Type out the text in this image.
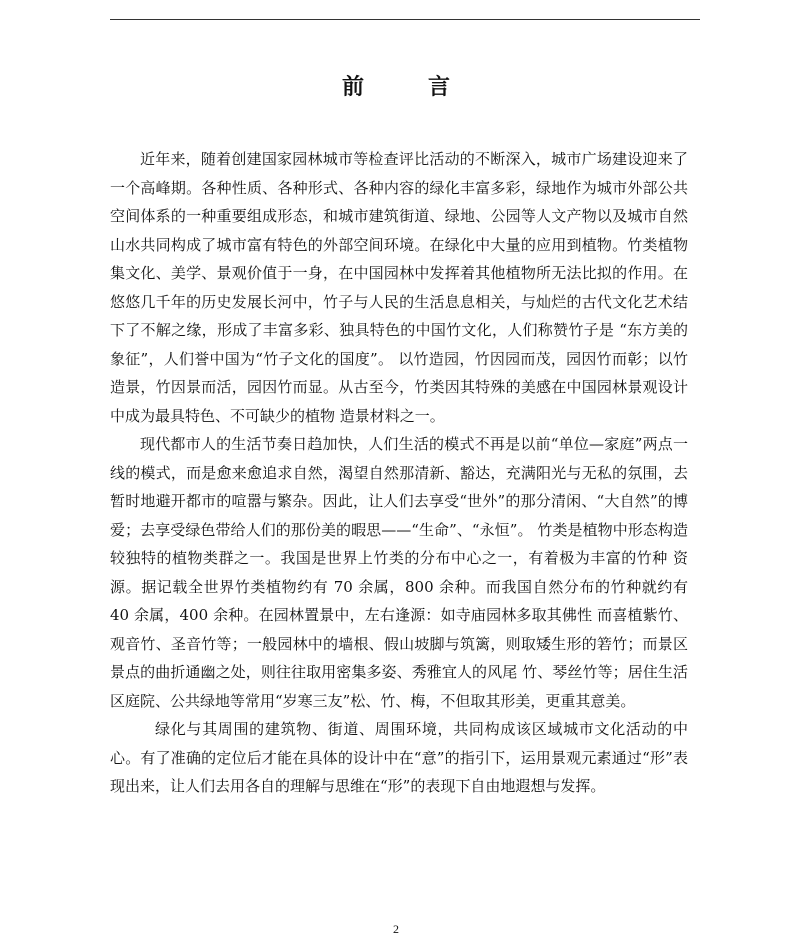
前	言

近年来，随着创建国家园林城市等检查评比活动的不断深入，城市广场建设迎来了一个高峰期。各种性质、各种形式、各种内容的绿化丰富多彩，绿地作为城市外部公共空间体系的一种重要组成形态，和城市建筑街道、绿地、公园等人文产物以及城市自然山水共同构成了城市富有特色的外部空间环境。在绿化中大量的应用到植物。竹类植物集文化、美学、景观价值于一身，在中国园林中发挥着其他植物所无法比拟的作用。在悠悠几千年的历史发展长河中，竹子与人民的生活息息相关，与灿烂的古代文化艺术结下了不解之缘，形成了丰富多彩、独具特色的中国竹文化，人们称赞竹子是 “东方美的象征”，人们誉中国为“竹子文化的国度”。 以竹造园，竹因园而茂，园因竹而彰；以竹造景，竹因景而活，园因竹而显。从古至今，竹类因其特殊的美感在中国园林景观设计中成为最具特色、不可缺少的植物 造景材料之一。

现代都市人的生活节奏日趋加快，人们生活的模式不再是以前“单位—家庭”两点一线的模式，而是愈来愈追求自然，渴望自然那清新、豁达，充满阳光与无私的氛围，去暂时地避开都市的喧嚣与繁杂。因此，让人们去享受“世外”的那分清闲、“大自然”的博爱；去享受绿色带给人们的那份美的暇思——“生命”、“永恒”。 竹类是植物中形态构造较独特的植物类群之一。我国是世界上竹类的分布中心之一，有着极为丰富的竹种 资源。据记载全世界竹类植物约有 70 余属，800 余种。而我国自然分布的竹种就约有 40 余属，400 余种。在园林置景中，左右逢源：如寺庙园林多取其佛性 而喜植紫竹、观音竹、圣音竹等；一般园林中的墙根、假山坡脚与筑篱，则取矮生形的箬竹；而景区景点的曲折通幽之处，则往往取用密集多姿、秀雅宜人的风尾 竹、琴丝竹等；居住生活区庭院、公共绿地等常用“岁寒三友”松、竹、梅，不但取其形美，更重其意美。

绿化与其周围的建筑物、街道、周围环境，共同构成该区域城市文化活动的中心。有了准确的定位后才能在具体的设计中在“意”的指引下，运用景观元素通过“形”表现出来，让人们去用各自的理解与思维在“形”的表现下自由地遐想与发挥。

2
